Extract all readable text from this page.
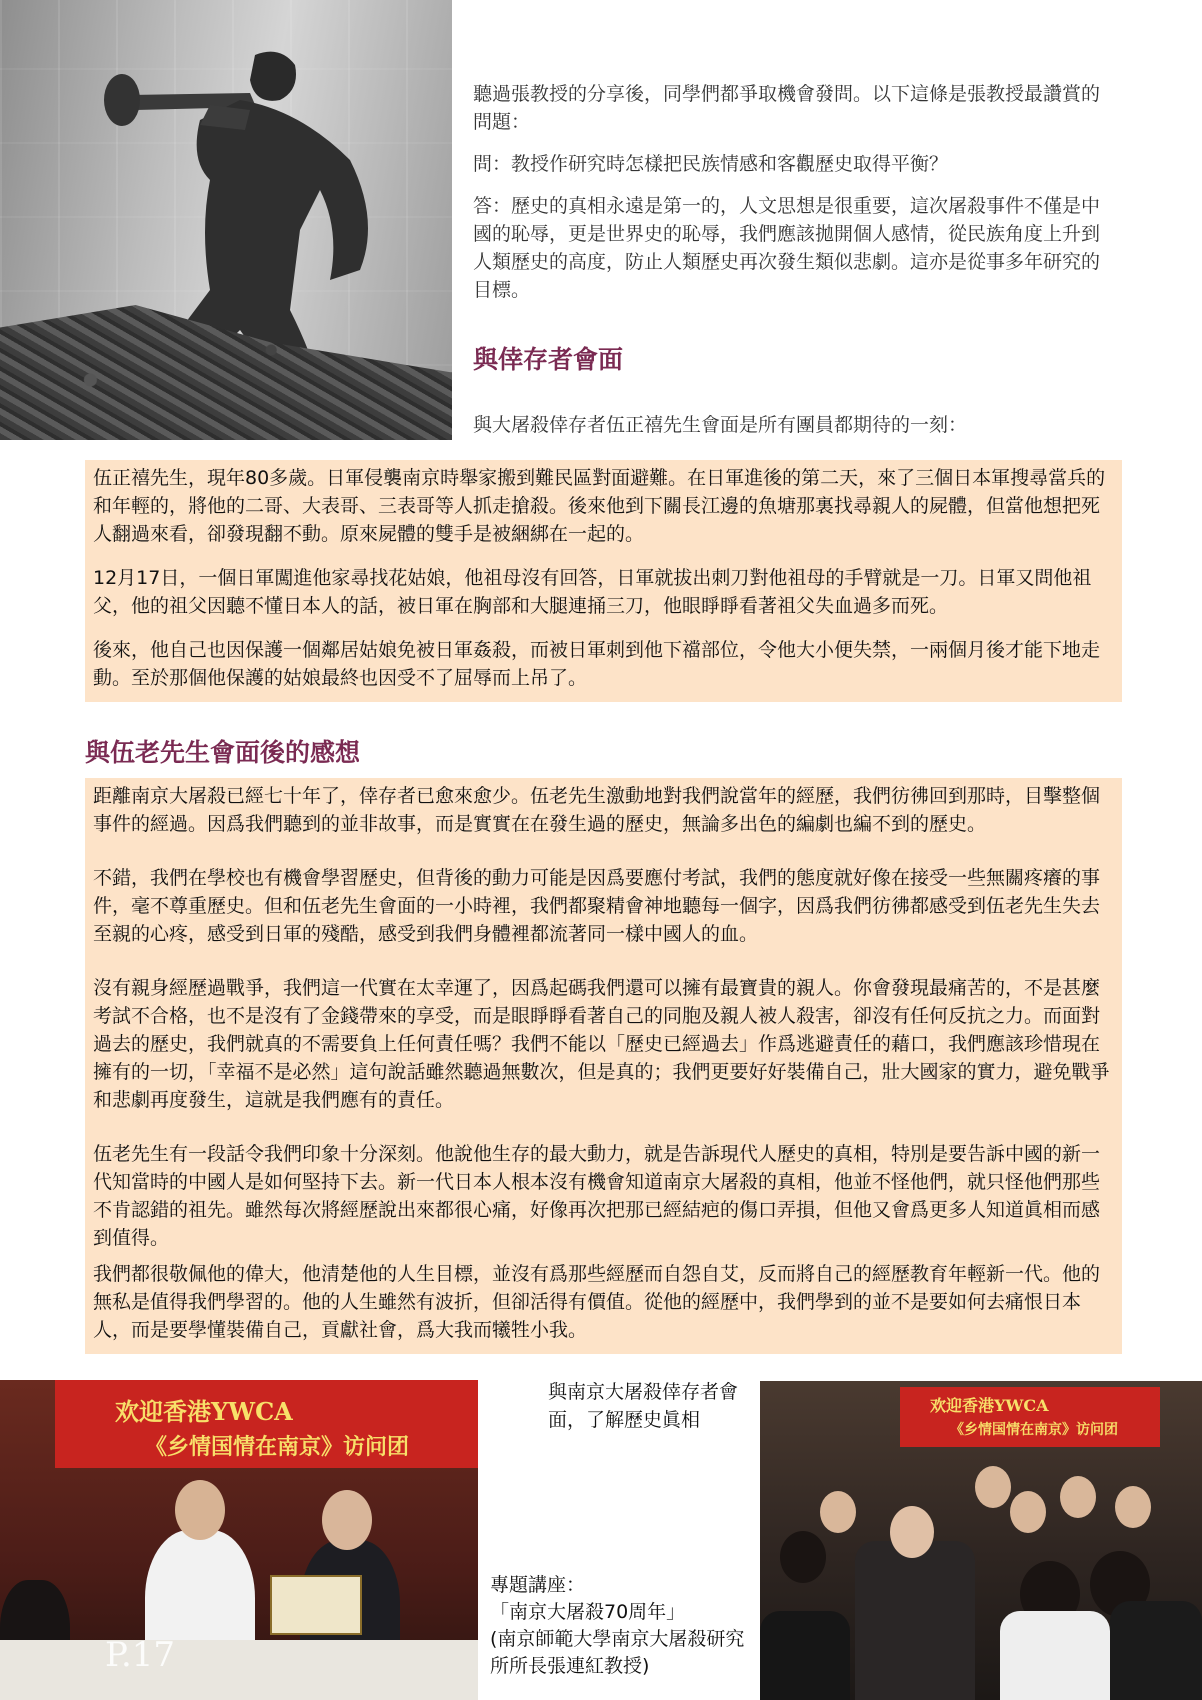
聽過張教授的分享後，同學們都爭取機會發問。以下這條是張教授最讚賞的問題：

問：教授作研究時怎樣把民族情感和客觀歷史取得平衡？

答：歷史的真相永遠是第一的，人文思想是很重要，這次屠殺事件不僅是中國的恥辱，更是世界史的恥辱，我們應該拋開個人感情，從民族角度上升到人類歷史的高度，防止人類歷史再次發生類似悲劇。這亦是從事多年研究的目標。

與倖存者會面

與大屠殺倖存者伍正禧先生會面是所有團員都期待的一刻：

伍正禧先生，現年80多歲。日軍侵襲南京時舉家搬到難民區對面避難。在日軍進後的第二天，來了三個日本軍搜尋當兵的和年輕的，將他的二哥、大表哥、三表哥等人抓走搶殺。後來他到下關長江邊的魚塘那裏找尋親人的屍體，但當他想把死人翻過來看，卻發現翻不動。原來屍體的雙手是被綑綁在一起的。

12月17日，一個日軍闖進他家尋找花姑娘，他祖母沒有回答，日軍就拔出刺刀對他祖母的手臂就是一刀。日軍又問他祖父，他的祖父因聽不懂日本人的話，被日軍在胸部和大腿連捅三刀，他眼睜睜看著祖父失血過多而死。

後來，他自己也因保護一個鄰居姑娘免被日軍姦殺，而被日軍刺到他下襠部位，令他大小便失禁，一兩個月後才能下地走動。至於那個他保護的姑娘最終也因受不了屈辱而上吊了。

與伍老先生會面後的感想

距離南京大屠殺已經七十年了，倖存者已愈來愈少。伍老先生激動地對我們說當年的經歷，我們彷彿回到那時，目擊整個事件的經過。因爲我們聽到的並非故事，而是實實在在發生過的歷史，無論多出色的編劇也編不到的歷史。

不錯，我們在學校也有機會學習歷史，但背後的動力可能是因爲要應付考試，我們的態度就好像在接受一些無關疼癢的事件，毫不尊重歷史。但和伍老先生會面的一小時裡，我們都聚精會神地聽每一個字，因爲我們彷彿都感受到伍老先生失去至親的心疼，感受到日軍的殘酷，感受到我們身體裡都流著同一樣中國人的血。

沒有親身經歷過戰爭，我們這一代實在太幸運了，因爲起碼我們還可以擁有最寶貴的親人。你會發現最痛苦的，不是甚麼考試不合格，也不是沒有了金錢帶來的享受，而是眼睜睜看著自己的同胞及親人被人殺害，卻沒有任何反抗之力。而面對過去的歷史，我們就真的不需要負上任何責任嗎？我們不能以「歷史已經過去」作爲逃避責任的藉口，我們應該珍惜現在擁有的一切，「幸福不是必然」這句說話雖然聽過無數次，但是真的；我們更要好好裝備自己，壯大國家的實力，避免戰爭和悲劇再度發生，這就是我們應有的責任。

伍老先生有一段話令我們印象十分深刻。他說他生存的最大動力，就是告訴現代人歷史的真相，特別是要告訴中國的新一代知當時的中國人是如何堅持下去。新一代日本人根本沒有機會知道南京大屠殺的真相，他並不怪他們，就只怪他們那些不肯認錯的祖先。雖然每次將經歷說出來都很心痛，好像再次把那已經結疤的傷口弄損，但他又會爲更多人知道眞相而感到值得。

我們都很敬佩他的偉大，他清楚他的人生目標，並沒有爲那些經歷而自怨自艾，反而將自己的經歷教育年輕新一代。他的無私是值得我們學習的。他的人生雖然有波折，但卻活得有價值。從他的經歷中，我們學到的並不是要如何去痛恨日本人，而是要學懂裝備自己，貢獻社會，爲大我而犧牲小我。

欢迎香港YWCA
《乡情国情在南京》访问团
P.17
與南京大屠殺倖存者會面，了解歷史眞相
專題講座：
「南京大屠殺70周年」
(南京師範大學南京大屠殺研究所所長張連紅教授)
欢迎香港YWCA
《乡情国情在南京》访问团
